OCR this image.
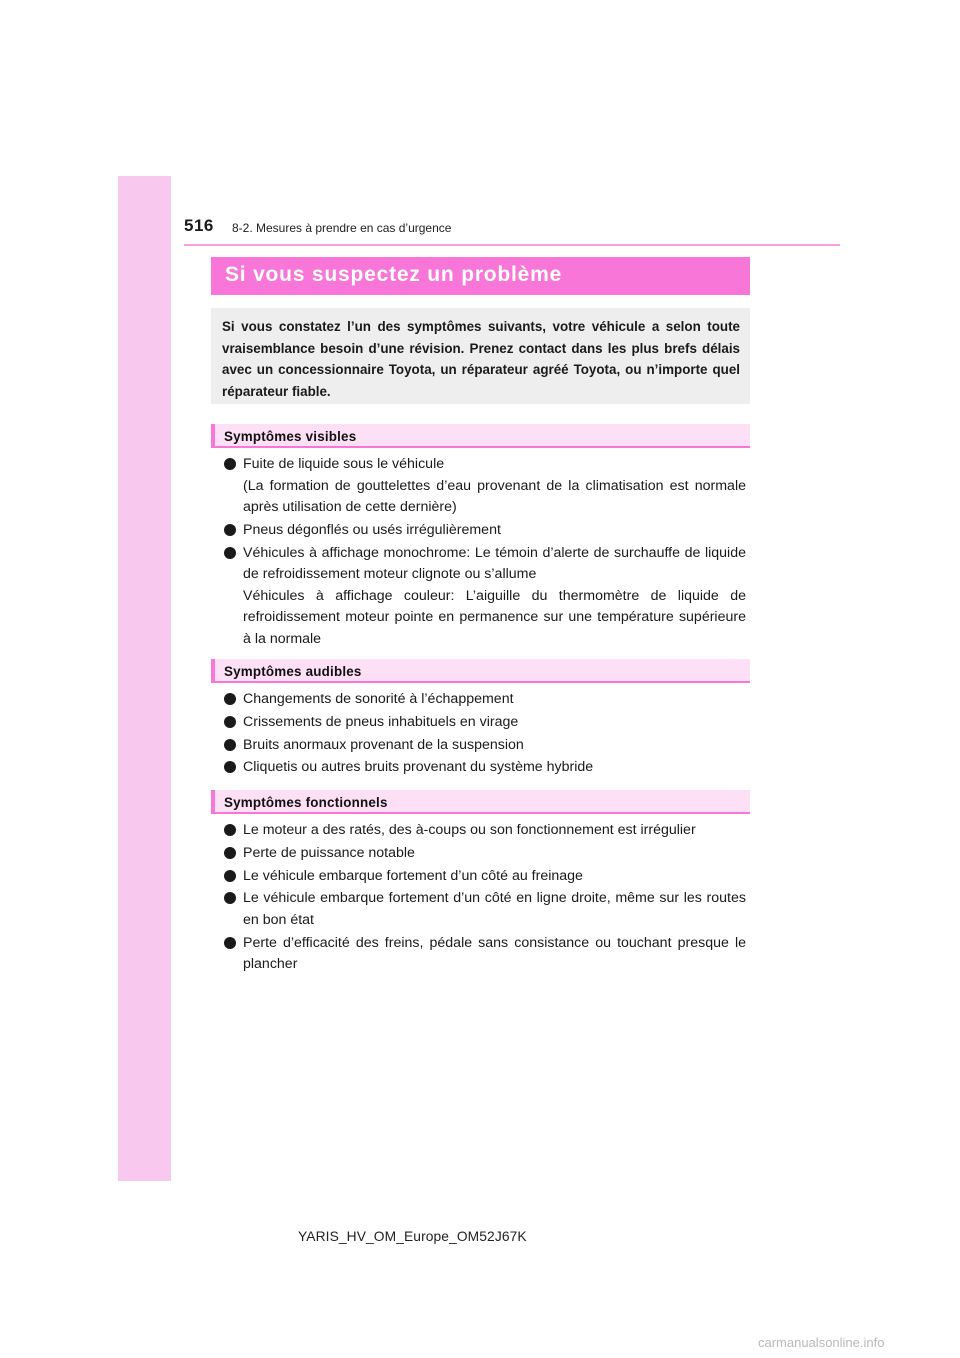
516 8-2. Mesures à prendre en cas d’urgence
Si vous suspectez un problème

Si vous constatez l’un des symptômes suivants, votre véhicule a selon toute vraisemblance besoin d’une révision. Prenez contact dans les plus brefs délais avec un concessionnaire Toyota, un réparateur agréé Toyota, ou n’importe quel réparateur fiable.

Symptômes visibles
Fuite de liquide sous le véhicule
(La formation de gouttelettes d’eau provenant de la climatisation est normale après utilisation de cette dernière)
Pneus dégonflés ou usés irrégulièrement
Véhicules à affichage monochrome: Le témoin d’alerte de surchauffe de liquide de refroidissement moteur clignote ou s’allume
Véhicules à affichage couleur: L’aiguille du thermomètre de liquide de refroidissement moteur pointe en permanence sur une température supérieure à la normale
Symptômes audibles
Changements de sonorité à l’échappement
Crissements de pneus inhabituels en virage
Bruits anormaux provenant de la suspension
Cliquetis ou autres bruits provenant du système hybride
Symptômes fonctionnels
Le moteur a des ratés, des à-coups ou son fonctionnement est irrégulier
Perte de puissance notable
Le véhicule embarque fortement d’un côté au freinage
Le véhicule embarque fortement d’un côté en ligne droite, même sur les routes en bon état
Perte d’efficacité des freins, pédale sans consistance ou touchant presque le plancher
YARIS_HV_OM_Europe_OM52J67K
carmanualsonline.info
